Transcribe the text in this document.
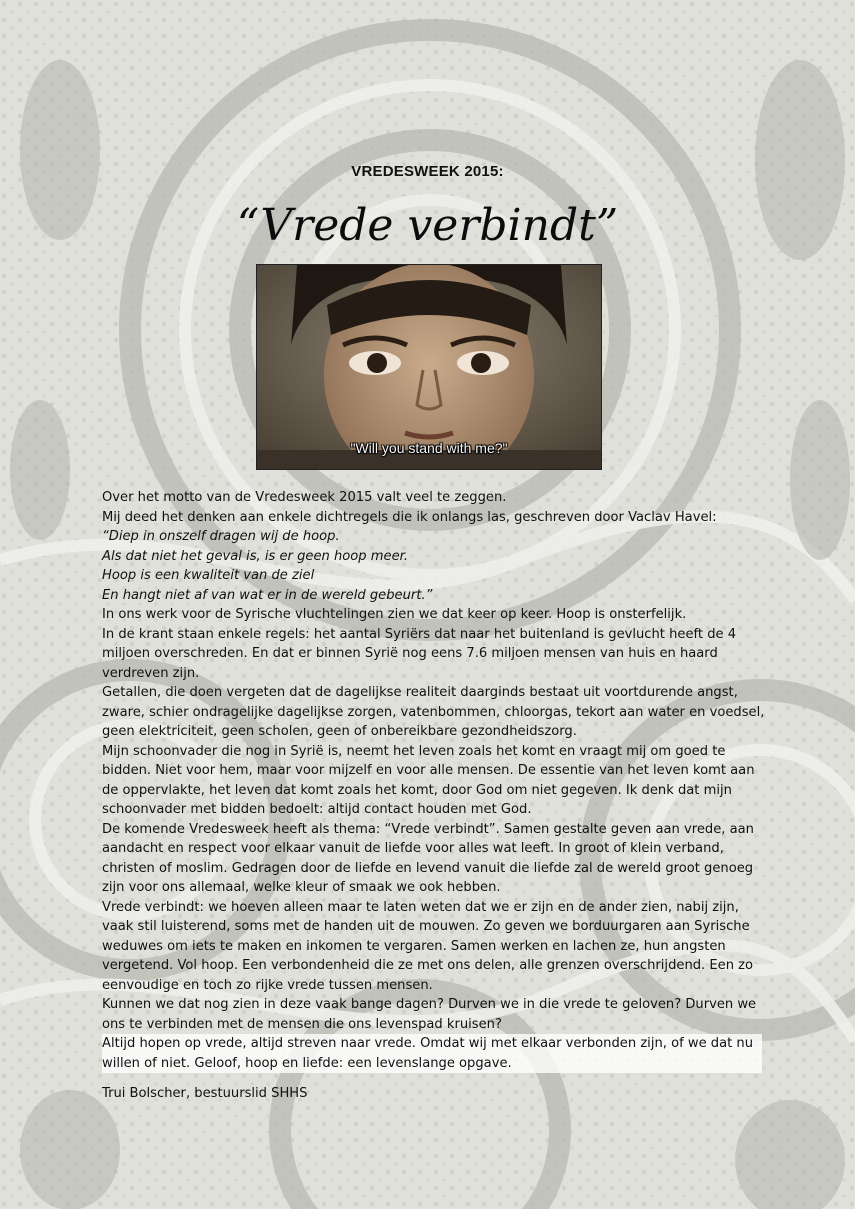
VREDESWEEK 2015:
“Vrede verbindt”
"Will you stand with me?"
Over het motto van de Vredesweek 2015 valt veel te zeggen.
Mij deed het denken aan enkele dichtregels die ik onlangs las, geschreven door Vaclav Havel:
“Diep in onszelf dragen wij de hoop.
Als dat niet het geval is, is er geen hoop meer.
Hoop is een kwaliteit van de ziel
En hangt niet af van wat er in de wereld gebeurt.”
In ons werk voor de Syrische vluchtelingen zien we dat keer op keer. Hoop is onsterfelijk.
In de krant staan enkele regels: het aantal Syriërs dat naar het buitenland is gevlucht heeft de 4
miljoen overschreden. En dat er binnen Syrië nog eens 7.6 miljoen mensen van huis en haard
verdreven zijn.
Getallen, die doen vergeten dat de dagelijkse realiteit daarginds bestaat uit voortdurende angst,
zware, schier ondragelijke dagelijkse zorgen, vatenbommen, chloorgas, tekort aan water en voedsel,
geen elektriciteit, geen scholen, geen of onbereikbare gezondheidszorg.
Mijn schoonvader die nog in Syrië is, neemt het leven zoals het komt en vraagt mij om goed te
bidden. Niet voor hem, maar voor mijzelf en voor alle mensen. De essentie van het leven komt aan
de oppervlakte, het leven dat komt zoals het komt, door God om niet gegeven. Ik denk dat mijn
schoonvader met bidden bedoelt: altijd contact houden met God.
De komende Vredesweek heeft als thema: “Vrede verbindt”. Samen gestalte geven aan vrede, aan
aandacht en respect voor elkaar vanuit de liefde voor alles wat leeft. In groot of klein verband,
christen of moslim. Gedragen door de liefde en levend vanuit die liefde zal de wereld groot genoeg
zijn voor ons allemaal, welke kleur of smaak we ook hebben.
Vrede verbindt: we hoeven alleen maar te laten weten dat we er zijn en de ander zien, nabij zijn,
vaak stil luisterend, soms met de handen uit de mouwen. Zo geven we borduurgaren aan Syrische
weduwes om iets te maken en inkomen te vergaren. Samen werken en lachen ze, hun angsten
vergetend. Vol hoop. Een verbondenheid die ze met ons delen, alle grenzen overschrijdend. Een zo
eenvoudige en toch zo rijke vrede tussen mensen.
Kunnen we dat nog zien in deze vaak bange dagen? Durven we in die vrede te geloven? Durven we
ons te verbinden met de mensen die ons levenspad kruisen?
Altijd hopen op vrede, altijd streven naar vrede. Omdat wij met elkaar verbonden zijn, of we dat nu
willen of niet. Geloof, hoop en liefde: een levenslange opgave.
Trui Bolscher, bestuurslid SHHS
